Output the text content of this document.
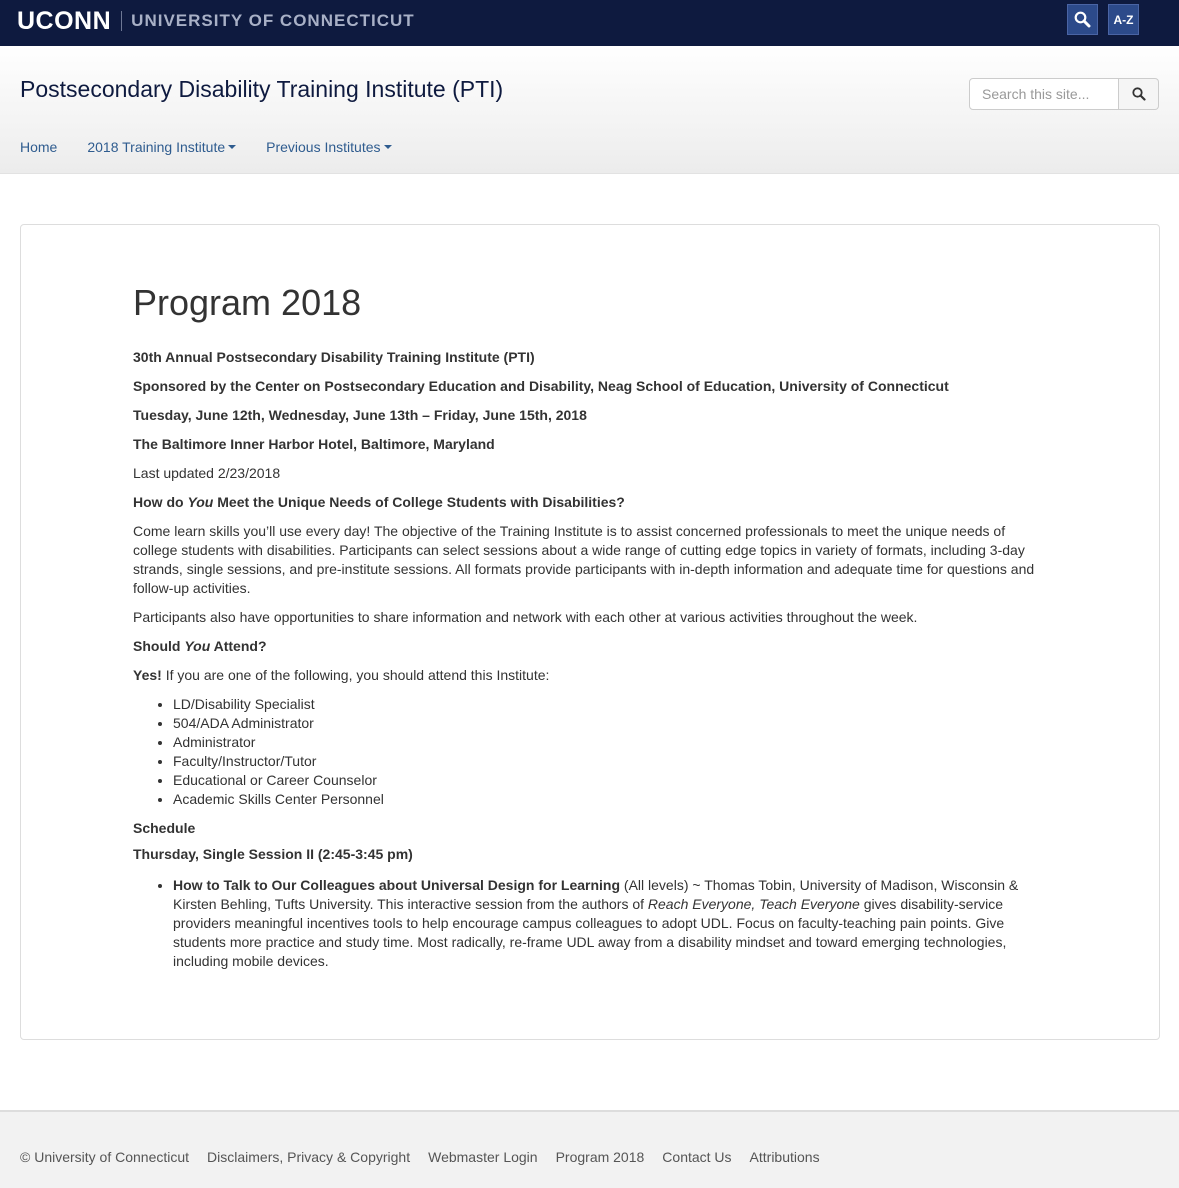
UCONN UNIVERSITY OF CONNECTICUT	A-Z
Postsecondary Disability Training Institute (PTI)
Search this site...
Home 2018 Training Institute	Previous Institutes
Program 2018

30th Annual Postsecondary Disability Training Institute (PTI)

Sponsored by the Center on Postsecondary Education and Disability, Neag School of Education, University of Connecticut

Tuesday, June 12th, Wednesday, June 13th – Friday, June 15th, 2018

The Baltimore Inner Harbor Hotel, Baltimore, Maryland

Last updated 2/23/2018

How do You Meet the Unique Needs of College Students with Disabilities?

Come learn skills you’ll use every day! The objective of the Training Institute is to assist concerned professionals to meet the unique needs of college students with disabilities. Participants can select sessions about a wide range of cutting edge topics in variety of formats, including 3-day strands, single sessions, and pre-institute sessions. All formats provide participants with in-depth information and adequate time for questions and follow-up activities.

Participants also have opportunities to share information and network with each other at various activities throughout the week.

Should You Attend?

Yes! If you are one of the following, you should attend this Institute:

• LD/Disability Specialist
• 504/ADA Administrator
• Administrator
• Faculty/Instructor/Tutor
• Educational or Career Counselor
• Academic Skills Center Personnel

Schedule

Thursday, Single Session II (2:45-3:45 pm)

• How to Talk to Our Colleagues about Universal Design for Learning (All levels) ~ Thomas Tobin, University of Madison, Wisconsin & Kirsten Behling, Tufts University. This interactive session from the authors of Reach Everyone, Teach Everyone gives disability-service providers meaningful incentives tools to help encourage campus colleagues to adopt UDL. Focus on faculty-teaching pain points. Give students more practice and study time. Most radically, re-frame UDL away from a disability mindset and toward emerging technologies, including mobile devices.
© University of Connecticut Disclaimers, Privacy & Copyright Webmaster Login Program 2018 Contact Us Attributions
